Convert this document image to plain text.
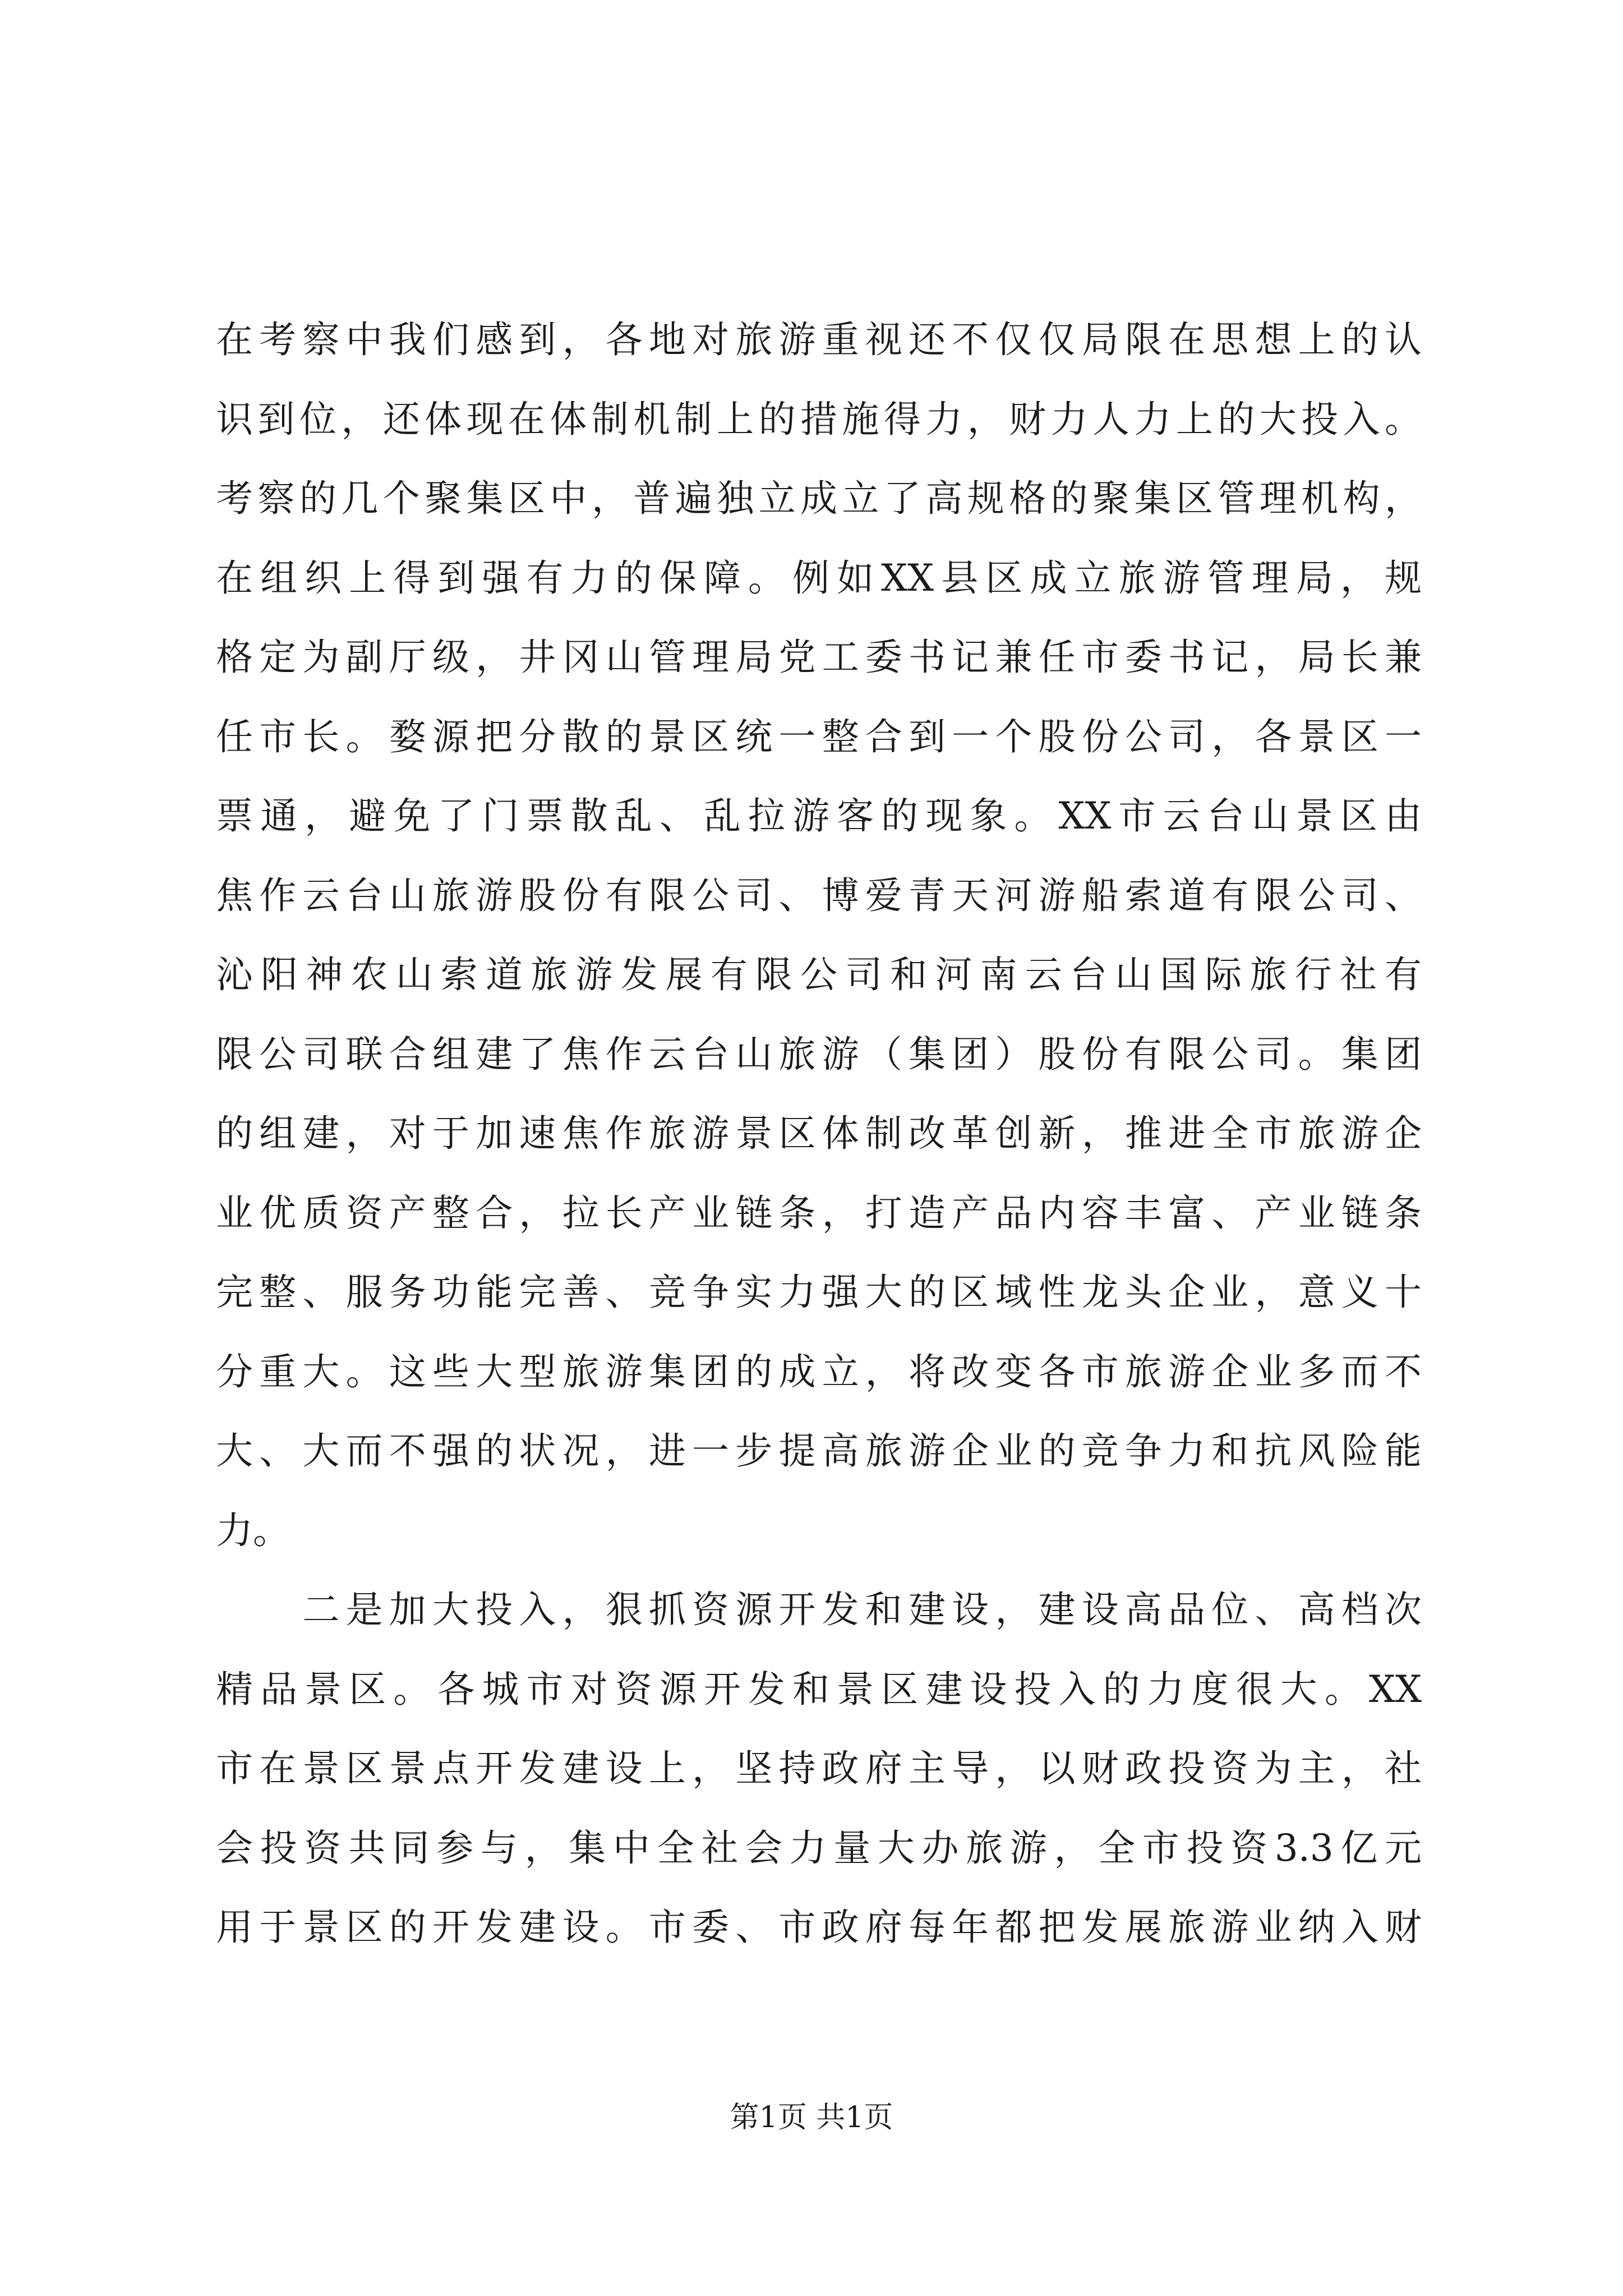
在考察中我们感到，各地对旅游重视还不仅仅局限在思想上的认
识到位，还体现在体制机制上的措施得力，财力人力上的大投入。
考察的几个聚集区中，普遍独立成立了高规格的聚集区管理机构，
在组织上得到强有力的保障。例如XX县区成立旅游管理局，规
格定为副厅级，井冈山管理局党工委书记兼任市委书记，局长兼
任市长。婺源把分散的景区统一整合到一个股份公司，各景区一
票通，避免了门票散乱、乱拉游客的现象。XX市云台山景区由
焦作云台山旅游股份有限公司、博爱青天河游船索道有限公司、
沁阳神农山索道旅游发展有限公司和河南云台山国际旅行社有
限公司联合组建了焦作云台山旅游（集团）股份有限公司。集团
的组建，对于加速焦作旅游景区体制改革创新，推进全市旅游企
业优质资产整合，拉长产业链条，打造产品内容丰富、产业链条
完整、服务功能完善、竞争实力强大的区域性龙头企业，意义十
分重大。这些大型旅游集团的成立，将改变各市旅游企业多而不
大、大而不强的状况，进一步提高旅游企业的竞争力和抗风险能
力。
　　二是加大投入，狠抓资源开发和建设，建设高品位、高档次
精品景区。各城市对资源开发和景区建设投入的力度很大。XX
市在景区景点开发建设上，坚持政府主导，以财政投资为主，社
会投资共同参与，集中全社会力量大办旅游，全市投资3.3亿元
用于景区的开发建设。市委、市政府每年都把发展旅游业纳入财
第1页 共1页
